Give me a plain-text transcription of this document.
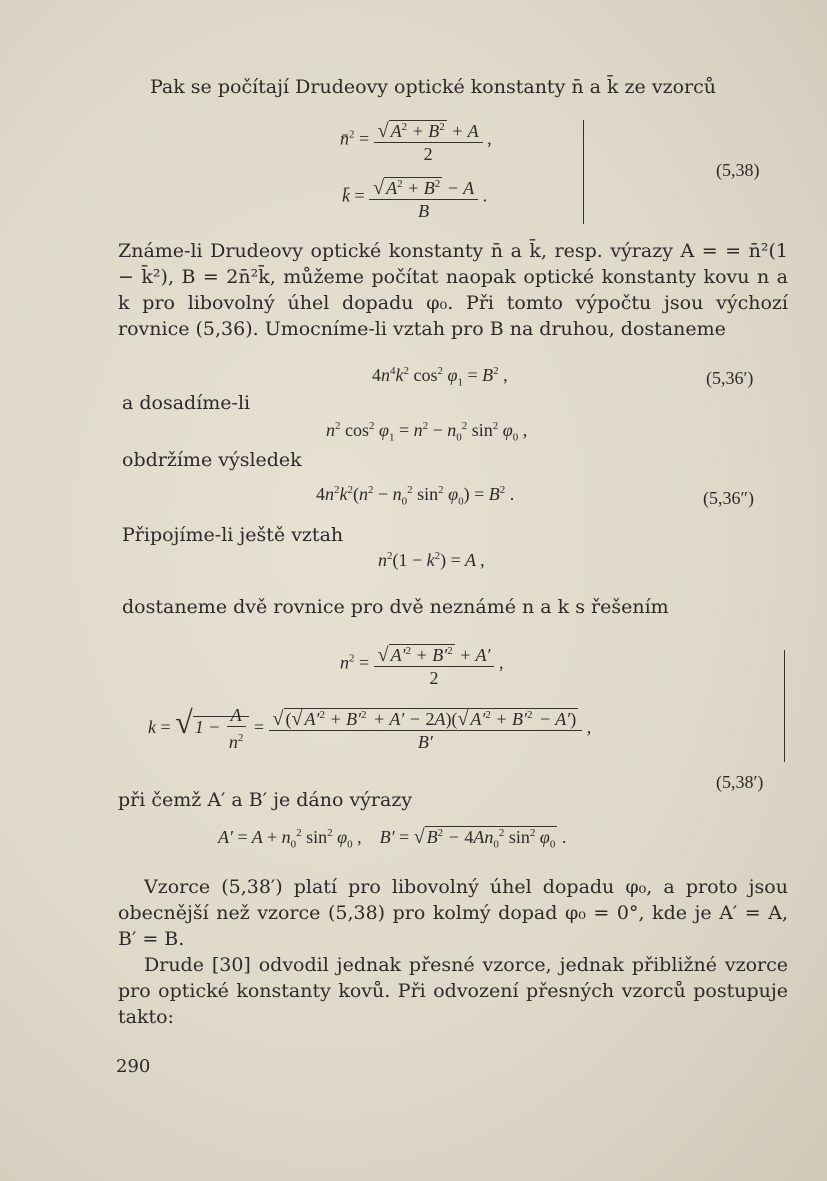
Pak se počítají Drudeovy optické konstanty n̄ a k̄ ze vzorců
n̄$^2$ = $\frac{√ A^2 + B^2 + A}{2}$ ,
k̄ = $\frac{√ A^2 + B^2 - A}{B}$ .
(5,38)
Známe-li Drudeovy optické konstanty n̄ a k̄, resp. výrazy A = = n̄²(1 − k̄²), B = 2n̄²k̄, můžeme počítat naopak optické konstanty kovu n a k pro libovolný úhel dopadu φ₀. Při tomto výpočtu jsou výchozí rovnice (5,36). Umocníme-li vztah pro B na druhou, dostaneme
$4n^4k^2$ $\cos^2 \varphi_1 = B^2$ ,	(5,36′)
a dosadíme-li
$n^2$ $\cos^2 \varphi_1 = n^2 - n_0^2$ $\sin^2 \varphi_0$ ,
obdržíme výsledek
$4n^2k^2(n^2 - n_0^2$ $\sin^2 \varphi_0) = B^2$ .	(5,36″)
Připojíme-li ještě vztah
$n^2(1 - k^2) = A$ ,
dostaneme dvě rovnice pro dvě neznámé n a k s řešením
$n^2 = \frac{√ A'^2 + B'^2 + A'}{2}$ ,
k = √ $1 - \frac{A}{n^2} = \frac{√ (√ A'^2 + B'^2 + A' - 2A)(√ A'^2 + B'^2 - A')}{B'}$ ,
(5,38′)
při čemž A′ a B′ je dáno výrazy
$A' = A + n_0^2$ $\sin^2 \varphi_0$ ,    B′ = √ $B^2 - 4An_0^2$ $\sin^2 \varphi_0$ .
Vzorce (5,38′) platí pro libovolný úhel dopadu φ₀, a proto jsou obecnější než vzorce (5,38) pro kolmý dopad φ₀ = 0°, kde je A′ = A, B′ = B.
Drude [30] odvodil jednak přesné vzorce, jednak přibližné vzorce pro optické konstanty kovů. Při odvození přesných vzorců postupuje takto:
290
